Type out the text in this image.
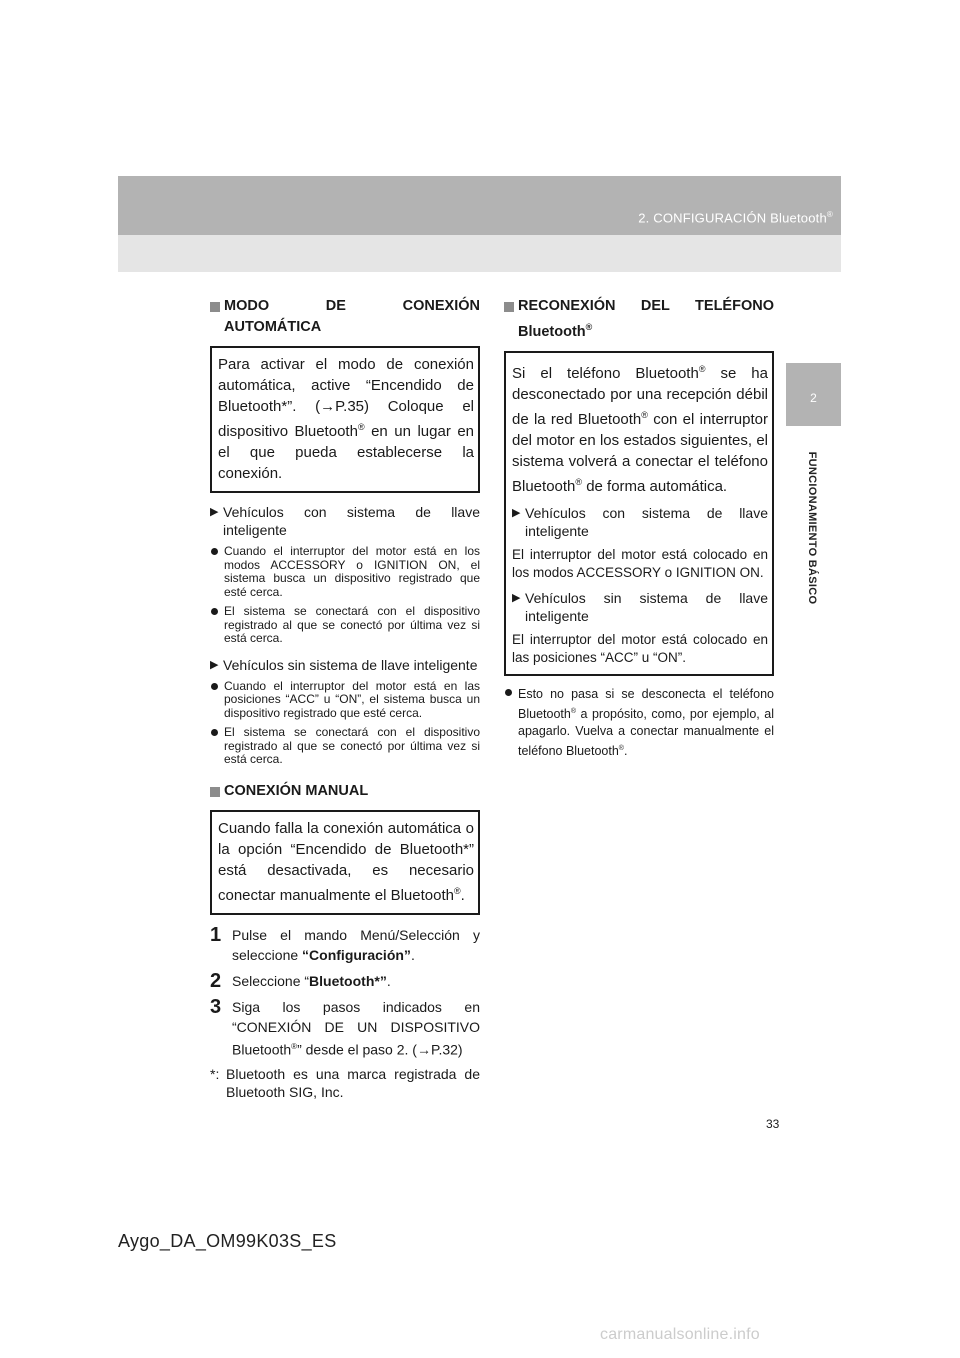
2. CONFIGURACIÓN Bluetooth®
2
FUNCIONAMIENTO BÁSICO
MODO DE CONEXIÓN
AUTOMÁTICA
Para activar el modo de conexión automática, active “Encendido de Bluetooth*”. (→P.35) Coloque el dispositivo Bluetooth® en un lugar en el que pueda establecerse la conexión.
▶ Vehículos con sistema de llave inteligente
Cuando el interruptor del motor está en los modos ACCESSORY o IGNITION ON, el sistema busca un dispositivo registrado que esté cerca.
El sistema se conectará con el dispositivo registrado al que se conectó por última vez si está cerca.
▶ Vehículos sin sistema de llave inteligente
Cuando el interruptor del motor está en las posiciones “ACC” u “ON”, el sistema busca un dispositivo registrado que esté cerca.
El sistema se conectará con el dispositivo registrado al que se conectó por última vez si está cerca.
CONEXIÓN MANUAL
Cuando falla la conexión automática o la opción “Encendido de Bluetooth*” está desactivada, es necesario conectar manualmente el Bluetooth®.
1 Pulse el mando Menú/Selección y seleccione “Configuración”.
2 Seleccione “Bluetooth*”.
3 Siga los pasos indicados en “CONEXIÓN DE UN DISPOSITIVO Bluetooth®” desde el paso 2. (→P.32)
*: Bluetooth es una marca registrada de Bluetooth SIG, Inc.
RECONEXIÓN DEL TELÉFONO
Bluetooth®
Si el teléfono Bluetooth® se ha desconectado por una recepción débil de la red Bluetooth® con el interruptor del motor en los estados siguientes, el sistema volverá a conectar el teléfono Bluetooth® de forma automática.
▶ Vehículos con sistema de llave inteligente
El interruptor del motor está colocado en los modos ACCESSORY o IGNITION ON.
▶ Vehículos sin sistema de llave inteligente
El interruptor del motor está colocado en las posiciones “ACC” u “ON”.
Esto no pasa si se desconecta el teléfono Bluetooth® a propósito, como, por ejemplo, al apagarlo. Vuelva a conectar manualmente el teléfono Bluetooth®.
33
Aygo_DA_OM99K03S_ES
carmanualsonline.info
